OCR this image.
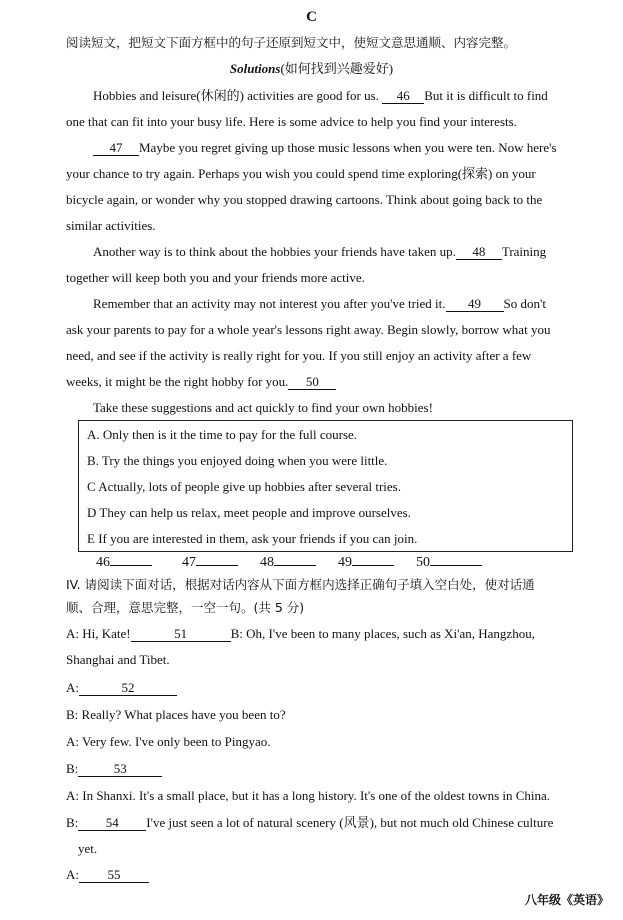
C
阅读短文，把短文下面方框中的句子还原到短文中，使短文意思通顺、内容完整。
Solutions(如何找到兴趣爱好)
Hobbies and leisure(休闲的) activities are good for us. 46 But it is difficult to find
one that can fit into your busy life. Here is some advice to help you find your interests.
47 Maybe you regret giving up those music lessons when you were ten. Now here's
your chance to try again. Perhaps you wish you could spend time exploring(探索) on your
bicycle again, or wonder why you stopped drawing cartoons. Think about going back to the
similar activities.
Another way is to think about the hobbies your friends have taken up. 48 Training
together will keep both you and your friends more active.
Remember that an activity may not interest you after you've tried it. 49 So don't
ask your parents to pay for a whole year's lessons right away. Begin slowly, borrow what you
need, and see if the activity is really right for you. If you still enjoy an activity after a few
weeks, it might be the right hobby for you. 50
Take these suggestions and act quickly to find your own hobbies!
A. Only then is it the time to pay for the full course.
B. Try the things you enjoyed doing when you were little.
C Actually, lots of people give up hobbies after several tries.
D They can help us relax, meet people and improve ourselves.
E If you are interested in them, ask your friends if you can join.
46	47	48	49	50
IV. 请阅读下面对话，根据对话内容从下面方框内选择正确句子填入空白处，使对话通
顺、合理，意思完整，一空一句。(共 5 分)
A: Hi, Kate!	51	B: Oh, I've been to many places, such as Xi'an, Hangzhou,
Shanghai and Tibet.
A:	52
B: Really? What places have you been to?
A: Very few. I've only been to Pingyao.
B:	53
A: In Shanxi. It's a small place, but it has a long history. It's one of the oldest towns in China.
B: 54 I've just seen a lot of natural scenery (风景), but not much old Chinese culture
yet.
A: 55
八年级《英语》
